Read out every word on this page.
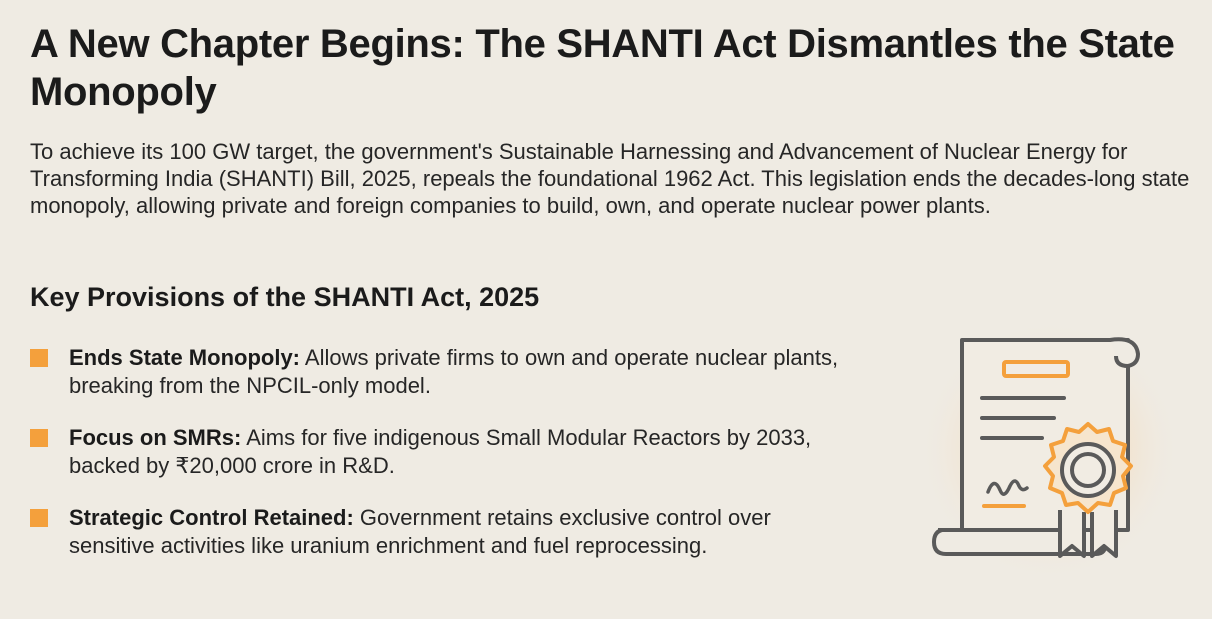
A New Chapter Begins: The SHANTI Act Dismantles the State Monopoly

To achieve its 100 GW target, the government's Sustainable Harnessing and Advancement of Nuclear Energy for Transforming India (SHANTI) Bill, 2025, repeals the foundational 1962 Act. This legislation ends the decades-long state monopoly, allowing private and foreign companies to build, own, and operate nuclear power plants.

Key Provisions of the SHANTI Act, 2025
Ends State Monopoly: Allows private firms to own and operate nuclear plants, breaking from the NPCIL-only model.
Focus on SMRs: Aims for five indigenous Small Modular Reactors by 2033, backed by ₹20,000 crore in R&D.
Strategic Control Retained: Government retains exclusive control over sensitive activities like uranium enrichment and fuel reprocessing.
